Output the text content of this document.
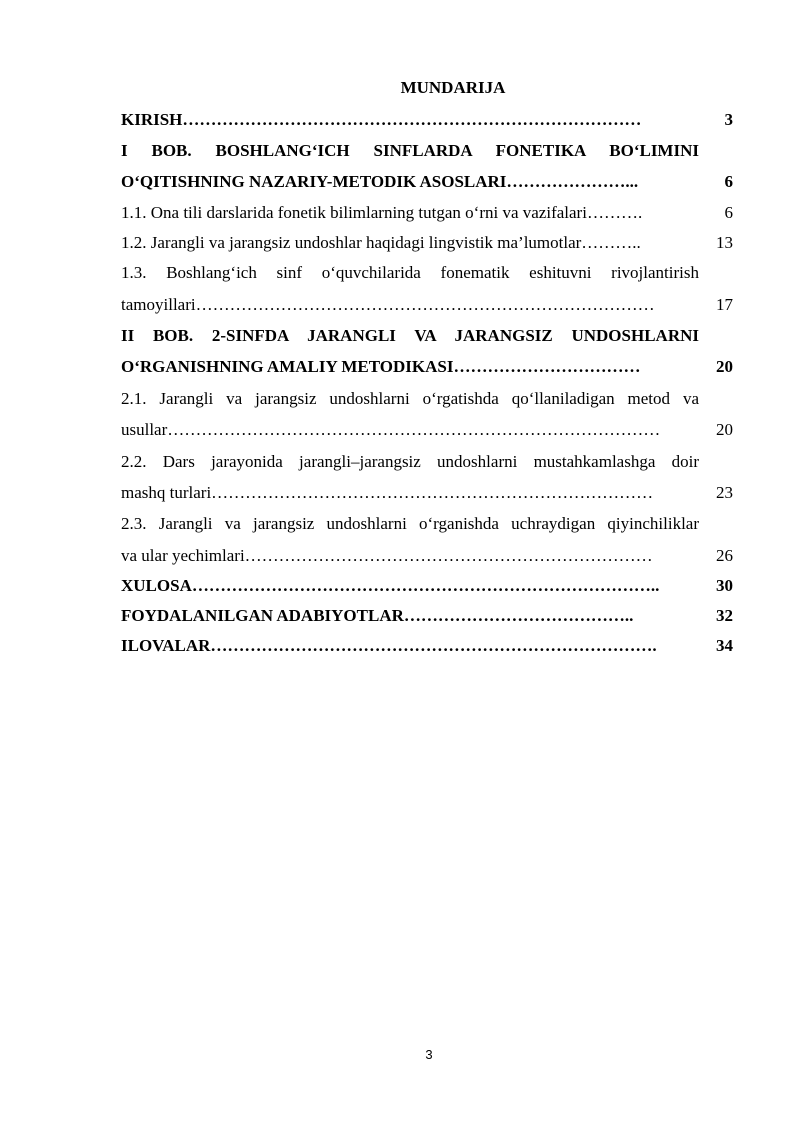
MUNDARIJA
KIRISH………………………………………………………………………	3
I BOB. BOSHLANG‘ICH SINFLARDA FONETIKA BO‘LIMINI
O‘QITISHNING NAZARIY-METODIK ASOSLARI…………………...	6
1.1. Ona tili darslarida fonetik bilimlarning tutgan o‘rni va vazifalari……….	6
1.2. Jarangli va jarangsiz undoshlar haqidagi lingvistik ma’lumotlar………..	13
1.3. Boshlang‘ich sinf o‘quvchilarida fonematik eshituvni rivojlantirish
tamoyillari………………………………………………………………………	17
II BOB. 2-SINFDA JARANGLI VA JARANGSIZ UNDOSHLARNI
O‘RGANISHNING AMALIY METODIKASI……………………………	20
2.1. Jarangli va jarangsiz undoshlarni o‘rgatishda qo‘llaniladigan metod va
usullar……………………………………………………………………………	20
2.2. Dars jarayonida jarangli–jarangsiz undoshlarni mustahkamlashga doir
mashq turlari……………………………………………………………………	23
2.3. Jarangli va jarangsiz undoshlarni o‘rganishda uchraydigan qiyinchiliklar
va ular yechimlari………………………………………………………………	26
XULOSA………………………………………………………………………..	30
FOYDALANILGAN ADABIYOTLAR…………………………………..	32
ILOVALAR…………………………………………………………………….	34
3
